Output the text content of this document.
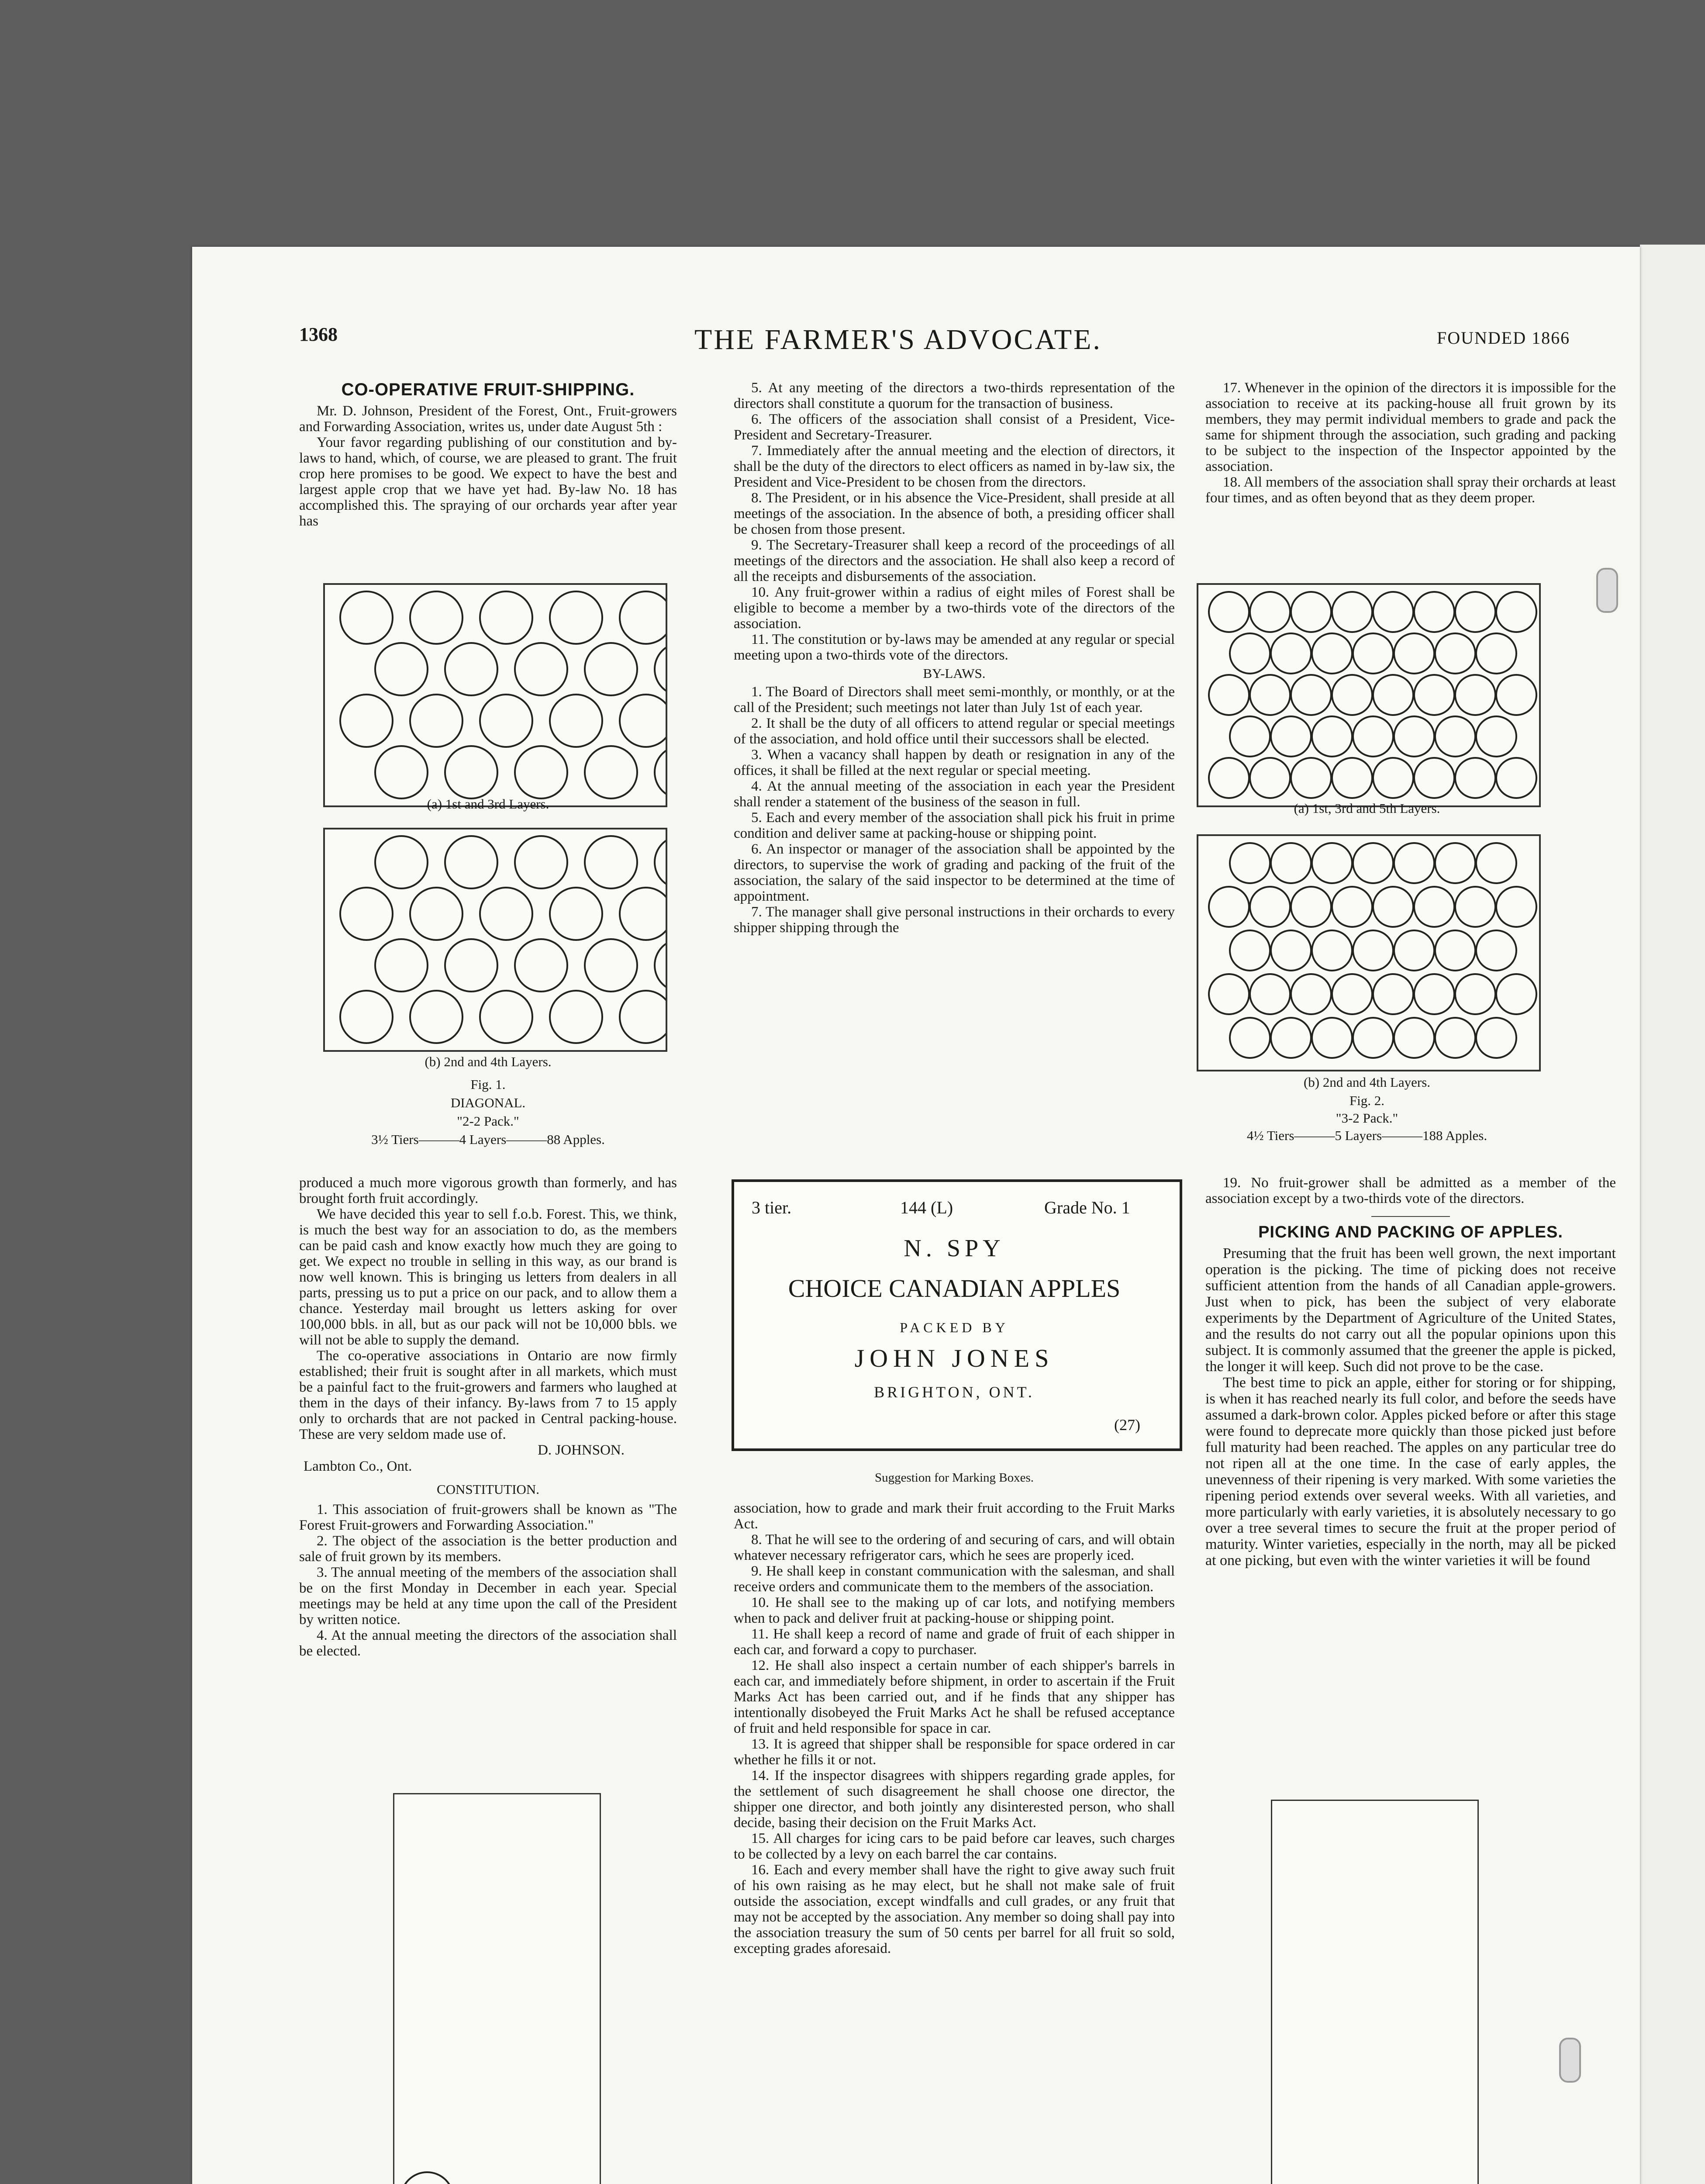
1368	THE FARMER'S ADVOCATE.	FOUNDED 1866
CO-OPERATIVE FRUIT-SHIPPING.

Mr. D. Johnson, President of the Forest, Ont., Fruit-growers and Forwarding Association, writes us, under date August 5th :

Your favor regarding publishing of our constitution and by-laws to hand, which, of course, we are pleased to grant. The fruit crop here promises to be good. We expect to have the best and largest apple crop that we have yet had. By-law No. 18 has accomplished this. The spraying of our orchards year after year has

(a) 1st and 3rd Layers.
(b) 2nd and 4th Layers.
Fig. 1.
DIAGONAL.
"2-2 Pack."
3½ Tiers———4 Layers———88 Apples.

produced a much more vigorous growth than formerly, and has brought forth fruit accordingly.

We have decided this year to sell f.o.b. Forest. This, we think, is much the best way for an association to do, as the members can be paid cash and know exactly how much they are going to get. We expect no trouble in selling in this way, as our brand is now well known. This is bringing us letters from dealers in all parts, pressing us to put a price on our pack, and to allow them a chance. Yesterday mail brought us letters asking for over 100,000 bbls. in all, but as our pack will not be 10,000 bbls. we will not be able to supply the demand.

The co-operative associations in Ontario are now firmly established; their fruit is sought after in all markets, which must be a painful fact to the fruit-growers and farmers who laughed at them in the days of their infancy. By-laws from 7 to 15 apply only to orchards that are not packed in Central packing-house. These are very seldom made use of.

D. JOHNSON.
Lambton Co., Ont.
CONSTITUTION.

1. This association of fruit-growers shall be known as "The Forest Fruit-growers and Forwarding Association."

2. The object of the association is the better production and sale of fruit grown by its members.

3. The annual meeting of the members of the association shall be on the first Monday in December in each year. Special meetings may be held at any time upon the call of the President by written notice.

4. At the annual meeting the directors of the association shall be elected.

5. At any meeting of the directors a two-thirds representation of the directors shall constitute a quorum for the transaction of business.

6. The officers of the association shall consist of a President, Vice-President and Secretary-Treasurer.

7. Immediately after the annual meeting and the election of directors, it shall be the duty of the directors to elect officers as named in by-law six, the President and Vice-President to be chosen from the directors.

8. The President, or in his absence the Vice-President, shall preside at all meetings of the association. In the absence of both, a presiding officer shall be chosen from those present.

9. The Secretary-Treasurer shall keep a record of the proceedings of all meetings of the directors and the association. He shall also keep a record of all the receipts and disbursements of the association.

10. Any fruit-grower within a radius of eight miles of Forest shall be eligible to become a member by a two-thirds vote of the directors of the association.

11. The constitution or by-laws may be amended at any regular or special meeting upon a two-thirds vote of the directors.

BY-LAWS.

1. The Board of Directors shall meet semi-monthly, or monthly, or at the call of the President; such meetings not later than July 1st of each year.

2. It shall be the duty of all officers to attend regular or special meetings of the association, and hold office until their successors shall be elected.

3. When a vacancy shall happen by death or resignation in any of the offices, it shall be filled at the next regular or special meeting.

4. At the annual meeting of the association in each year the President shall render a statement of the business of the season in full.

5. Each and every member of the association shall pick his fruit in prime condition and deliver same at packing-house or shipping point.

6. An inspector or manager of the association shall be appointed by the directors, to supervise the work of grading and packing of the fruit of the association, the salary of the said inspector to be determined at the time of appointment.

7. The manager shall give personal instructions in their orchards to every shipper shipping through the

3 tier.	144 (L)	Grade No. 1
N. SPY
CHOICE CANADIAN APPLES
PACKED BY
JOHN JONES
BRIGHTON, ONT.
(27)
Suggestion for Marking Boxes.

association, how to grade and mark their fruit according to the Fruit Marks Act.

8. That he will see to the ordering of and securing of cars, and will obtain whatever necessary refrigerator cars, which he sees are properly iced.

9. He shall keep in constant communication with the salesman, and shall receive orders and communicate them to the members of the association.

10. He shall see to the making up of car lots, and notifying members when to pack and deliver fruit at packing-house or shipping point.

11. He shall keep a record of name and grade of fruit of each shipper in each car, and forward a copy to purchaser.

12. He shall also inspect a certain number of each shipper's barrels in each car, and immediately before shipment, in order to ascertain if the Fruit Marks Act has been carried out, and if he finds that any shipper has intentionally disobeyed the Fruit Marks Act he shall be refused acceptance of fruit and held responsible for space in car.

13. It is agreed that shipper shall be responsible for space ordered in car whether he fills it or not.

14. If the inspector disagrees with shippers regarding grade apples, for the settlement of such disagreement he shall choose one director, the shipper one director, and both jointly any disinterested person, who shall decide, basing their decision on the Fruit Marks Act.

15. All charges for icing cars to be paid before car leaves, such charges to be collected by a levy on each barrel the car contains.

16. Each and every member shall have the right to give away such fruit of his own raising as he may elect, but he shall not make sale of fruit outside the association, except windfalls and cull grades, or any fruit that may not be accepted by the association. Any member so doing shall pay into the association treasury the sum of 50 cents per barrel for all fruit so sold, excepting grades aforesaid.

17. Whenever in the opinion of the directors it is impossible for the association to receive at its packing-house all fruit grown by its members, they may permit individual members to grade and pack the same for shipment through the association, such grading and packing to be subject to the inspection of the Inspector appointed by the association.

18. All members of the association shall spray their orchards at least four times, and as often beyond that as they deem proper.

(a) 1st, 3rd and 5th Layers.
(b) 2nd and 4th Layers.
Fig. 2.
"3-2 Pack."
4½ Tiers———5 Layers———188 Apples.

19. No fruit-grower shall be admitted as a member of the association except by a two-thirds vote of the directors.

PICKING AND PACKING OF APPLES.

Presuming that the fruit has been well grown, the next important operation is the picking. The time of picking does not receive sufficient attention from the hands of all Canadian apple-growers. Just when to pick, has been the subject of very elaborate experiments by the Department of Agriculture of the United States, and the results do not carry out all the popular opinions upon this subject. It is commonly assumed that the greener the apple is picked, the longer it will keep. Such did not prove to be the case.

The best time to pick an apple, either for storing or for shipping, is when it has reached nearly its full color, and before the seeds have assumed a dark-brown color. Apples picked before or after this stage were found to deprecate more quickly than those picked just before full maturity had been reached. The apples on any particular tree do not ripen all at the one time. In the case of early apples, the unevenness of their ripening is very marked. With some varieties the ripening period extends over several weeks. With all varieties, and more particularly with early varieties, it is absolutely necessary to go over a tree several times to secure the fruit at the proper period of maturity. Winter varieties, especially in the north, may all be picked at one picking, but even with the winter varieties it will be found
